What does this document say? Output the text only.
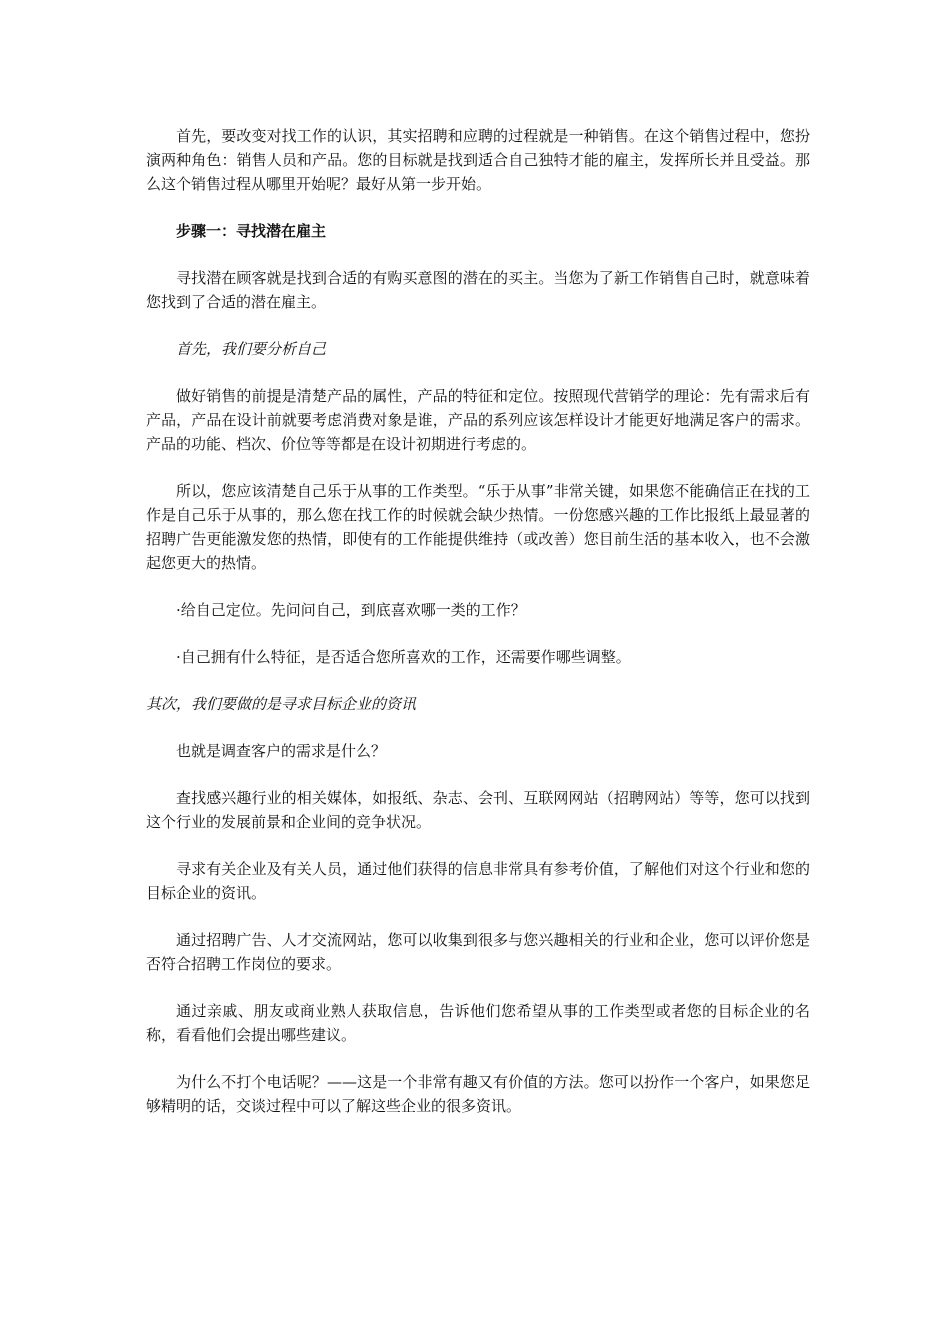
首先，要改变对找工作的认识，其实招聘和应聘的过程就是一种销售。在这个销售过程中，您扮演两种角色：销售人员和产品。您的目标就是找到适合自己独特才能的雇主，发挥所长并且受益。那么这个销售过程从哪里开始呢？最好从第一步开始。

步骤一：寻找潜在雇主

寻找潜在顾客就是找到合适的有购买意图的潜在的买主。当您为了新工作销售自己时，就意味着您找到了合适的潜在雇主。

首先，我们要分析自己

做好销售的前提是清楚产品的属性，产品的特征和定位。按照现代营销学的理论：先有需求后有产品，产品在设计前就要考虑消费对象是谁，产品的系列应该怎样设计才能更好地满足客户的需求。产品的功能、档次、价位等等都是在设计初期进行考虑的。

所以，您应该清楚自己乐于从事的工作类型。“乐于从事”非常关键，如果您不能确信正在找的工作是自己乐于从事的，那么您在找工作的时候就会缺少热情。一份您感兴趣的工作比报纸上最显著的招聘广告更能激发您的热情，即使有的工作能提供维持（或改善）您目前生活的基本收入，也不会激起您更大的热情。

·给自己定位。先问问自己，到底喜欢哪一类的工作？

·自己拥有什么特征，是否适合您所喜欢的工作，还需要作哪些调整。

其次，我们要做的是寻求目标企业的资讯

也就是调查客户的需求是什么？

查找感兴趣行业的相关媒体，如报纸、杂志、会刊、互联网网站（招聘网站）等等，您可以找到这个行业的发展前景和企业间的竞争状况。

寻求有关企业及有关人员，通过他们获得的信息非常具有参考价值，了解他们对这个行业和您的目标企业的资讯。

通过招聘广告、人才交流网站，您可以收集到很多与您兴趣相关的行业和企业，您可以评价您是否符合招聘工作岗位的要求。

通过亲戚、朋友或商业熟人获取信息，告诉他们您希望从事的工作类型或者您的目标企业的名称，看看他们会提出哪些建议。

为什么不打个电话呢？——这是一个非常有趣又有价值的方法。您可以扮作一个客户，如果您足够精明的话，交谈过程中可以了解这些企业的很多资讯。
